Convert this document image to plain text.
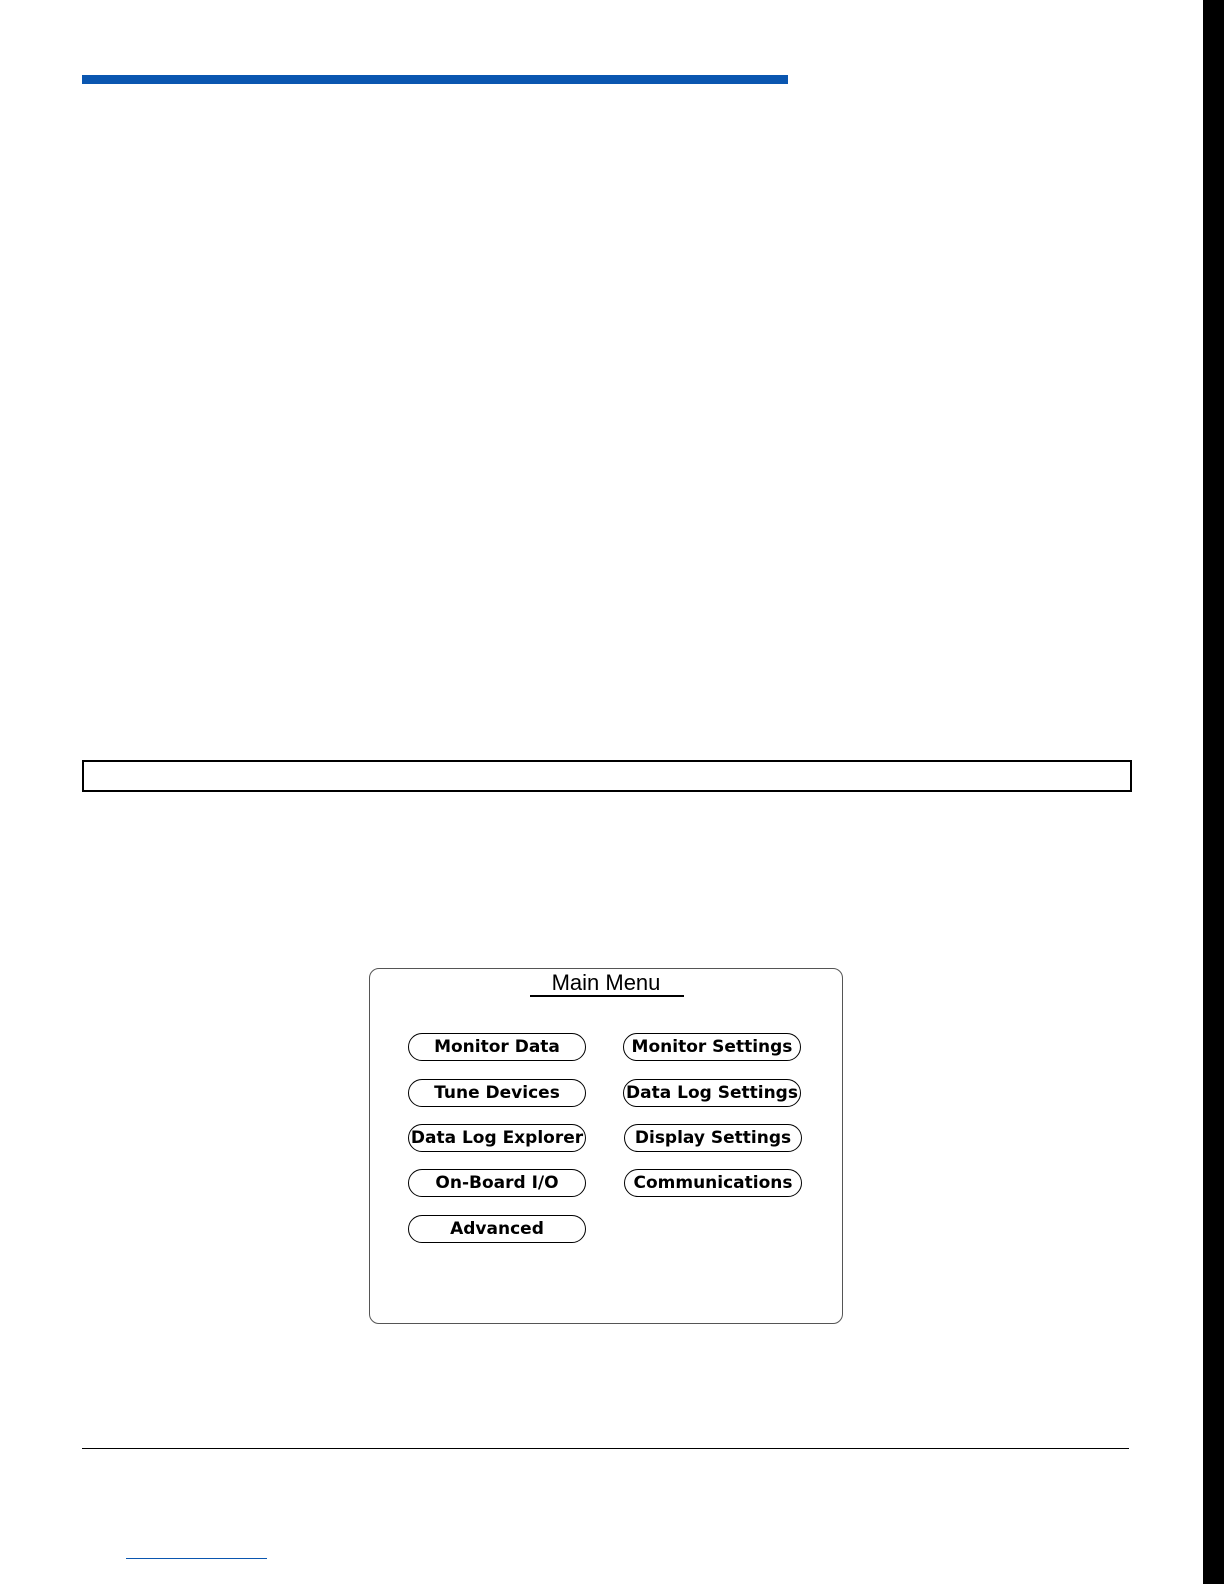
Main Menu
Monitor Data
Tune Devices
Data Log Explorer
On-Board I/O
Advanced
Monitor Settings
Data Log Settings
Display Settings
Communications
